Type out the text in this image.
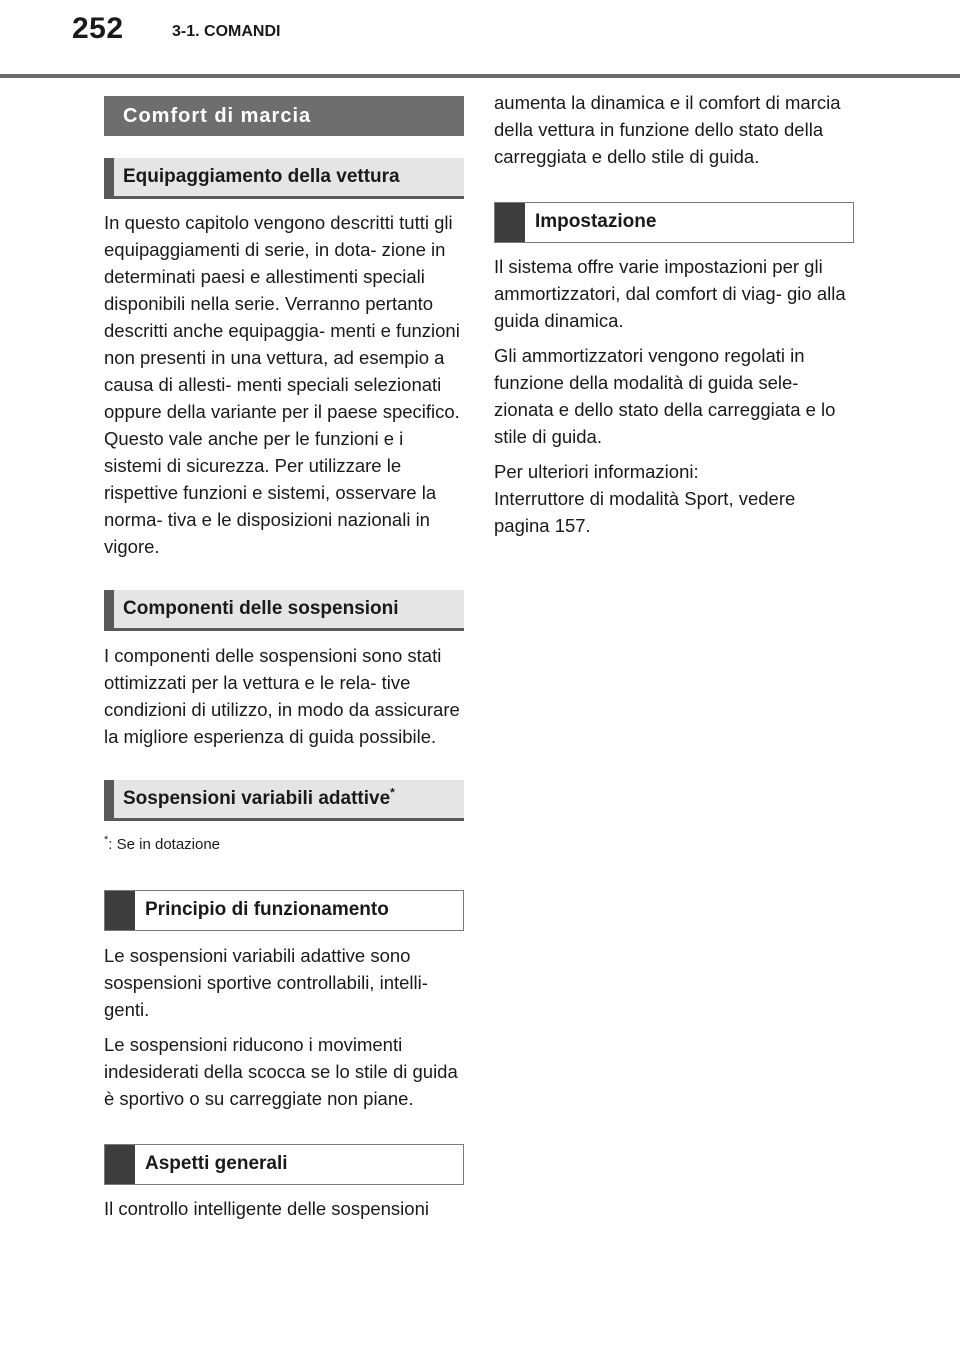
252	3-1. COMANDI
Comfort di marcia
Equipaggiamento della vettura

In questo capitolo vengono descritti tutti gli equipaggiamenti di serie, in dota- zione in determinati paesi e allestimenti speciali disponibili nella serie. Verranno pertanto descritti anche equipaggia- menti e funzioni non presenti in una vettura, ad esempio a causa di allesti- menti speciali selezionati oppure della variante per il paese specifico. Questo vale anche per le funzioni e i sistemi di sicurezza. Per utilizzare le rispettive funzioni e sistemi, osservare la norma- tiva e le disposizioni nazionali in vigore.

Componenti delle sospensioni

I componenti delle sospensioni sono stati ottimizzati per la vettura e le rela- tive condizioni di utilizzo, in modo da assicurare la migliore esperienza di guida possibile.

Sospensioni variabili adattive*
*: Se in dotazione
Principio di funzionamento

Le sospensioni variabili adattive sono sospensioni sportive controllabili, intelli- genti.

Le sospensioni riducono i movimenti indesiderati della scocca se lo stile di guida è sportivo o su carreggiate non piane.

Aspetti generali

Il controllo intelligente delle sospensioni

aumenta la dinamica e il comfort di marcia della vettura in funzione dello stato della carreggiata e dello stile di guida.

Impostazione

Il sistema offre varie impostazioni per gli ammortizzatori, dal comfort di viag- gio alla guida dinamica.

Gli ammortizzatori vengono regolati in funzione della modalità di guida sele- zionata e dello stato della carreggiata e lo stile di guida.

Per ulteriori informazioni:

Interruttore di modalità Sport, vedere pagina 157.
